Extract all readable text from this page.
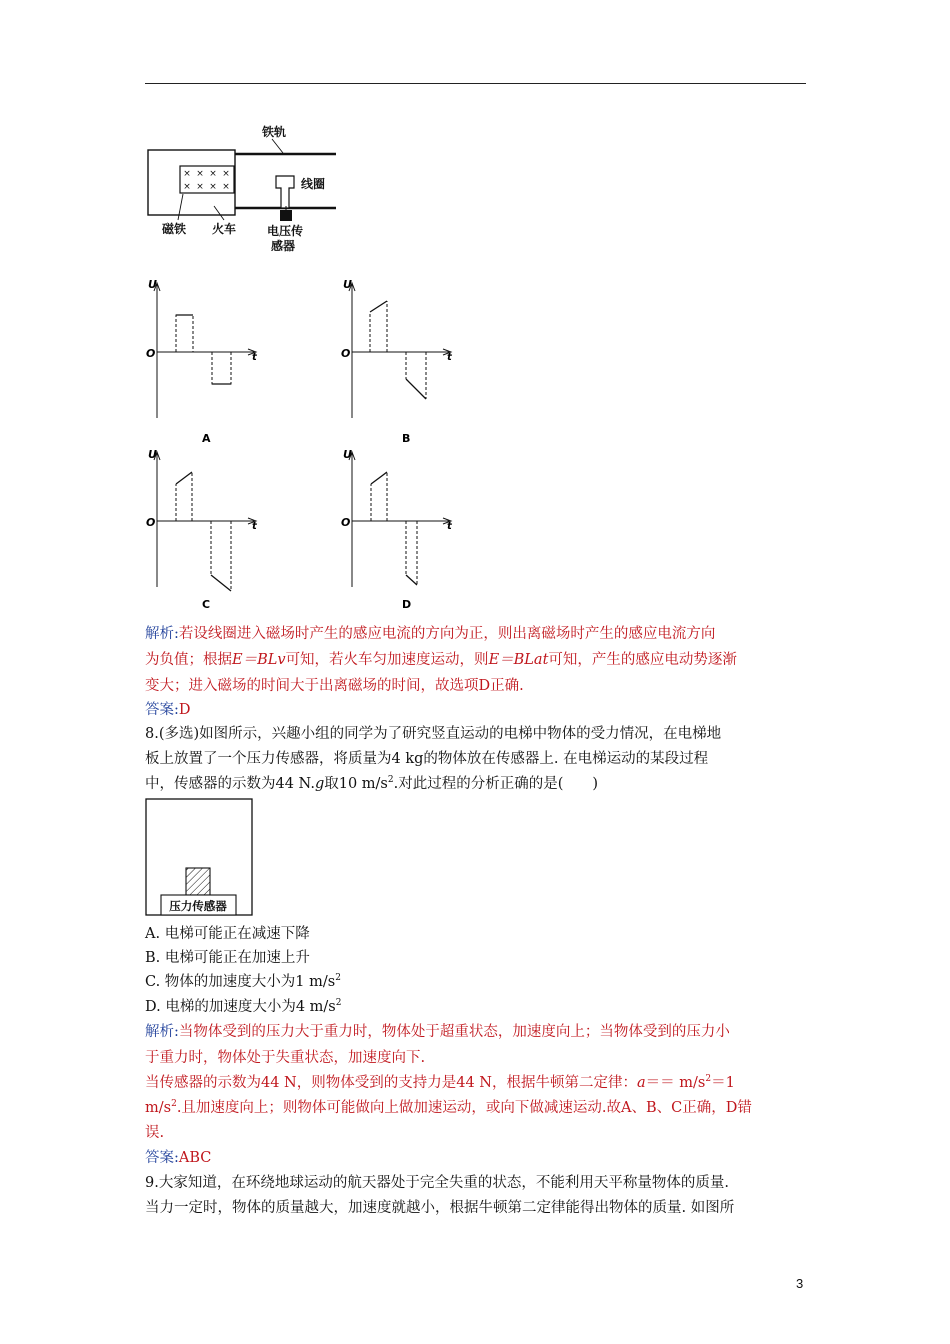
× × × ×
× × × ×
铁轨
线圈
磁铁 火车	电压传
感器
U
O	t
A
U
O	t
B
U
O	t
C
U
O	t
D
解析:若设线圈进入磁场时产生的感应电流的方向为正，则出离磁场时产生的感应电流方向
为负值；根据E＝BLv可知，若火车匀加速度运动，则E＝BLat可知，产生的感应电动势逐渐
变大；进入磁场的时间大于出离磁场的时间，故选项D正确.
答案:D
8.(多选)如图所示，兴趣小组的同学为了研究竖直运动的电梯中物体的受力情况，在电梯地
板上放置了一个压力传感器，将质量为4 kg的物体放在传感器上. 在电梯运动的某段过程
中，传感器的示数为44 N.g取10 $m/s^2$.对此过程的分析正确的是(　　)
压力传感器
A. 电梯可能正在减速下降
B. 电梯可能正在加速上升
C. 物体的加速度大小为1 $m/s^2$
D. 电梯的加速度大小为4 $m/s^2$
解析:当物体受到的压力大于重力时，物体处于超重状态，加速度向上；当物体受到的压力小
于重力时，物体处于失重状态，加速度向下.
当传感器的示数为44 N，则物体受到的支持力是44 N，根据牛顿第二定律：$a== m/s^2=1$
$m/s^2$.且加速度向上；则物体可能做向上做加速运动，或向下做减速运动.故A、B、C正确，D错
误.
答案:ABC
9.大家知道，在环绕地球运动的航天器处于完全失重的状态，不能利用天平称量物体的质量.
当力一定时，物体的质量越大，加速度就越小，根据牛顿第二定律能得出物体的质量. 如图所
3
